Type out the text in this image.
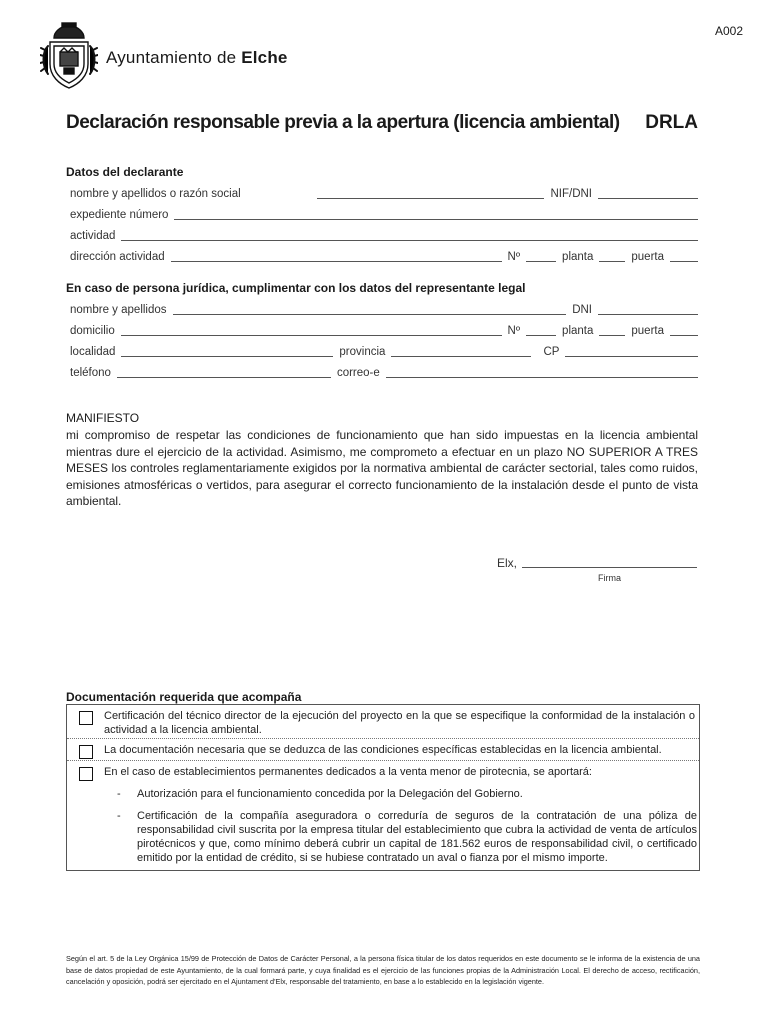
A002
Ayuntamiento de Elche
Declaración responsable previa a la apertura (licencia ambiental) DRLA
Datos del declarante
nombre y apellidos o razón social	NIF/DNI
expediente número
actividad
dirección actividad	Nº	planta	puerta
En caso de persona jurídica, cumplimentar con los datos del representante legal
nombre y apellidos	DNI
domicilio	Nº	planta	puerta
localidad	provincia	CP
teléfono	correo-e
MANIFIESTO
mi compromiso de respetar las condiciones de funcionamiento que han sido impuestas en la licencia ambiental mientras dure el ejercicio de la actividad. Asimismo, me comprometo a efectuar en un plazo NO SUPERIOR A TRES MESES los controles reglamentariamente exigidos por la normativa ambiental de carácter sectorial, tales como ruidos, emisiones atmosféricas o vertidos, para asegurar el correcto funcionamiento de la instalación desde el punto de vista ambiental.
Elx,
Firma
Documentación requerida que acompaña
Certificación del técnico director de la ejecución del proyecto en la que se especifique la conformidad de la instalación o actividad a la licencia ambiental.
La documentación necesaria que se deduzca de las condiciones específicas establecidas en la licencia ambiental.
En el caso de establecimientos permanentes dedicados a la venta menor de pirotecnia, se aportará:
-	Autorización para el funcionamiento concedida por la Delegación del Gobierno.
-	Certificación de la compañía aseguradora o correduría de seguros de la contratación de una póliza de responsabilidad civil suscrita por la empresa titular del establecimiento que cubra la actividad de venta de artículos pirotécnicos y que, como mínimo deberá cubrir un capital de 181.562 euros de responsabilidad civil, o certificado emitido por la entidad de crédito, si se hubiese contratado un aval o fianza por el mismo importe.
Según el art. 5 de la Ley Orgánica 15/99 de Protección de Datos de Carácter Personal, a la persona física titular de los datos requeridos en este documento se le informa de la existencia de una base de datos propiedad de este Ayuntamiento, de la cual formará parte, y cuya finalidad es el ejercicio de las funciones propias de la Administración Local. El derecho de acceso, rectificación, cancelación y oposición, podrá ser ejercitado en el Ajuntament d'Elx, responsable del tratamiento, en base a lo establecido en la legislación vigente.
